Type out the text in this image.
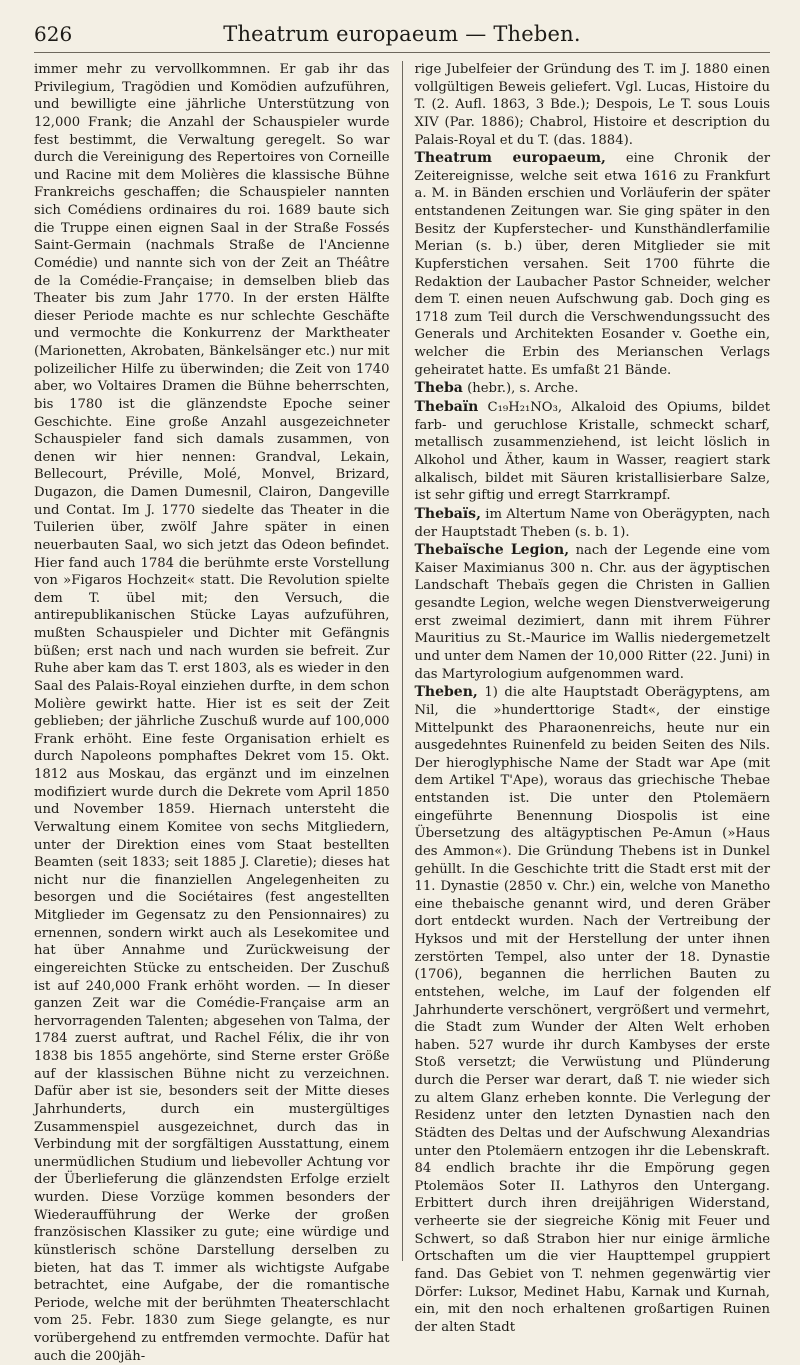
626	Theatrum europaeum — Theben.

immer mehr zu vervollkommnen. Er gab ihr das Privilegium, Tragödien und Komödien aufzuführen, und bewilligte eine jährliche Unterstützung von 12,000 Frank; die Anzahl der Schauspieler wurde fest bestimmt, die Verwaltung geregelt. So war durch die Vereinigung des Repertoires von Corneille und Racine mit dem Molières die klassische Bühne Frankreichs geschaffen; die Schauspieler nannten sich Comédiens ordinaires du roi. 1689 baute sich die Truppe einen eignen Saal in der Straße Fossés Saint-Germain (nachmals Straße de l'Ancienne Comédie) und nannte sich von der Zeit an Théâtre de la Comédie-Française; in demselben blieb das Theater bis zum Jahr 1770. In der ersten Hälfte dieser Periode machte es nur schlechte Geschäfte und vermochte die Konkurrenz der Marktheater (Marionetten, Akrobaten, Bänkelsänger etc.) nur mit polizeilicher Hilfe zu überwinden; die Zeit von 1740 aber, wo Voltaires Dramen die Bühne beherrschten, bis 1780 ist die glänzendste Epoche seiner Geschichte. Eine große Anzahl ausgezeichneter Schauspieler fand sich damals zusammen, von denen wir hier nennen: Grandval, Lekain, Bellecourt, Préville, Molé, Monvel, Brizard, Dugazon, die Damen Dumesnil, Clairon, Dangeville und Contat. Im J. 1770 siedelte das Theater in die Tuilerien über, zwölf Jahre später in einen neuerbauten Saal, wo sich jetzt das Odeon befindet. Hier fand auch 1784 die berühmte erste Vorstellung von »Figaros Hochzeit« statt. Die Revolution spielte dem T. übel mit; den Versuch, die antirepublikanischen Stücke Layas aufzuführen, mußten Schauspieler und Dichter mit Gefängnis büßen; erst nach und nach wurden sie befreit. Zur Ruhe aber kam das T. erst 1803, als es wieder in den Saal des Palais-Royal einziehen durfte, in dem schon Molière gewirkt hatte. Hier ist es seit der Zeit geblieben; der jährliche Zuschuß wurde auf 100,000 Frank erhöht. Eine feste Organisation erhielt es durch Napoleons pomphaftes Dekret vom 15. Okt. 1812 aus Moskau, das ergänzt und im einzelnen modifiziert wurde durch die Dekrete vom April 1850 und November 1859. Hiernach untersteht die Verwaltung einem Komitee von sechs Mitgliedern, unter der Direktion eines vom Staat bestellten Beamten (seit 1833; seit 1885 J. Claretie); dieses hat nicht nur die finanziellen Angelegenheiten zu besorgen und die Sociétaires (fest angestellten Mitglieder im Gegensatz zu den Pensionnaires) zu ernennen, sondern wirkt auch als Lesekomitee und hat über Annahme und Zurückweisung der eingereichten Stücke zu entscheiden. Der Zuschuß ist auf 240,000 Frank erhöht worden. — In dieser ganzen Zeit war die Comédie-Française arm an hervorragenden Talenten; abgesehen von Talma, der 1784 zuerst auftrat, und Rachel Félix, die ihr von 1838 bis 1855 angehörte, sind Sterne erster Größe auf der klassischen Bühne nicht zu verzeichnen. Dafür aber ist sie, besonders seit der Mitte dieses Jahrhunderts, durch ein mustergültiges Zusammenspiel ausgezeichnet, durch das in Verbindung mit der sorgfältigen Ausstattung, einem unermüdlichen Studium und liebevoller Achtung vor der Überlieferung die glänzendsten Erfolge erzielt wurden. Diese Vorzüge kommen besonders der Wiederaufführung der Werke der großen französischen Klassiker zu gute; eine würdige und künstlerisch schöne Darstellung derselben zu bieten, hat das T. immer als wichtigste Aufgabe betrachtet, eine Aufgabe, der die romantische Periode, welche mit der berühmten Theaterschlacht vom 25. Febr. 1830 zum Siege gelangte, es nur vorübergehend zu entfremden vermochte. Dafür hat auch die 200jäh-

rige Jubelfeier der Gründung des T. im J. 1880 einen vollgültigen Beweis geliefert. Vgl. Lucas, Histoire du T. (2. Aufl. 1863, 3 Bde.); Despois, Le T. sous Louis XIV (Par. 1886); Chabrol, Histoire et description du Palais-Royal et du T. (das. 1884).

Theatrum europaeum, eine Chronik der Zeitereignisse, welche seit etwa 1616 zu Frankfurt a. M. in Bänden erschien und Vorläuferin der später entstandenen Zeitungen war. Sie ging später in den Besitz der Kupferstecher- und Kunsthändlerfamilie Merian (s. b.) über, deren Mitglieder sie mit Kupferstichen versahen. Seit 1700 führte die Redaktion der Laubacher Pastor Schneider, welcher dem T. einen neuen Aufschwung gab. Doch ging es 1718 zum Teil durch die Verschwendungssucht des Generals und Architekten Eosander v. Goethe ein, welcher die Erbin des Merianschen Verlags geheiratet hatte. Es umfaßt 21 Bände.

Theba (hebr.), s. Arche.

Thebaïn C₁₉H₂₁NO₃, Alkaloid des Opiums, bildet farb- und geruchlose Kristalle, schmeckt scharf, metallisch zusammenziehend, ist leicht löslich in Alkohol und Äther, kaum in Wasser, reagiert stark alkalisch, bildet mit Säuren kristallisierbare Salze, ist sehr giftig und erregt Starrkrampf.

Thebaïs, im Altertum Name von Oberägypten, nach der Hauptstadt Theben (s. b. 1).

Thebaïsche Legion, nach der Legende eine vom Kaiser Maximianus 300 n. Chr. aus der ägyptischen Landschaft Thebaïs gegen die Christen in Gallien gesandte Legion, welche wegen Dienstverweigerung erst zweimal dezimiert, dann mit ihrem Führer Mauritius zu St.-Maurice im Wallis niedergemetzelt und unter dem Namen der 10,000 Ritter (22. Juni) in das Martyrologium aufgenommen ward.

Theben, 1) die alte Hauptstadt Oberägyptens, am Nil, die »hunderttorige Stadt«, der einstige Mittelpunkt des Pharaonenreichs, heute nur ein ausgedehntes Ruinenfeld zu beiden Seiten des Nils. Der hieroglyphische Name der Stadt war Ape (mit dem Artikel T'Ape), woraus das griechische Thebae entstanden ist. Die unter den Ptolemäern eingeführte Benennung Diospolis ist eine Übersetzung des altägyptischen Pe-Amun (»Haus des Ammon«). Die Gründung Thebens ist in Dunkel gehüllt. In die Geschichte tritt die Stadt erst mit der 11. Dynastie (2850 v. Chr.) ein, welche von Manetho eine thebaische genannt wird, und deren Gräber dort entdeckt wurden. Nach der Vertreibung der Hyksos und mit der Herstellung der unter ihnen zerstörten Tempel, also unter der 18. Dynastie (1706), begannen die herrlichen Bauten zu entstehen, welche, im Lauf der folgenden elf Jahrhunderte verschönert, vergrößert und vermehrt, die Stadt zum Wunder der Alten Welt erhoben haben. 527 wurde ihr durch Kambyses der erste Stoß versetzt; die Verwüstung und Plünderung durch die Perser war derart, daß T. nie wieder sich zu altem Glanz erheben konnte. Die Verlegung der Residenz unter den letzten Dynastien nach den Städten des Deltas und der Aufschwung Alexandrias unter den Ptolemäern entzogen ihr die Lebenskraft. 84 endlich brachte ihr die Empörung gegen Ptolemäos Soter II. Lathyros den Untergang. Erbittert durch ihren dreijährigen Widerstand, verheerte sie der siegreiche König mit Feuer und Schwert, so daß Strabon hier nur einige ärmliche Ortschaften um die vier Haupttempel gruppiert fand. Das Gebiet von T. nehmen gegenwärtig vier Dörfer: Luksor, Medinet Habu, Karnak und Kurnah, ein, mit den noch erhaltenen großartigen Ruinen der alten Stadt
